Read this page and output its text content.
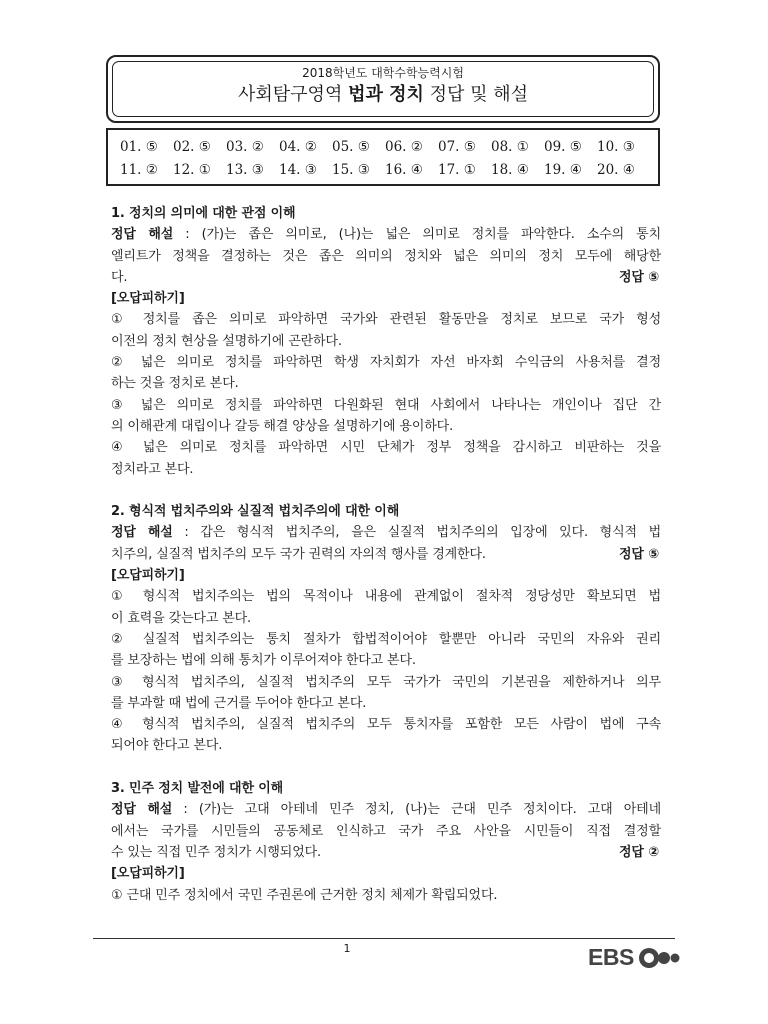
2018학년도 대학수학능력시험
사회탐구영역 법과 정치 정답 및 해설
01. ⑤	02. ⑤	03. ②	04. ②	05. ⑤	06. ②	07. ⑤	08. ①	09. ⑤	10. ③
11. ②	12. ①	13. ③	14. ③	15. ③	16. ④	17. ①	18. ④	19. ④	20. ④
1. 정치의 의미에 대한 관점 이해
정답 해설 : (가)는 좁은 의미로, (나)는 넓은 의미로 정치를 파악한다. 소수의 통치
엘리트가 정책을 결정하는 것은 좁은 의미의 정치와 넓은 의미의 정치 모두에 해당한
다.	정답 ⑤
[오답피하기]
① 정치를 좁은 의미로 파악하면 국가와 관련된 활동만을 정치로 보므로 국가 형성
이전의 정치 현상을 설명하기에 곤란하다.
② 넓은 의미로 정치를 파악하면 학생 자치회가 자선 바자회 수익금의 사용처를 결정
하는 것을 정치로 본다.
③ 넓은 의미로 정치를 파악하면 다원화된 현대 사회에서 나타나는 개인이나 집단 간
의 이해관계 대립이나 갈등 해결 양상을 설명하기에 용이하다.
④ 넓은 의미로 정치를 파악하면 시민 단체가 정부 정책을 감시하고 비판하는 것을
정치라고 본다.
2. 형식적 법치주의와 실질적 법치주의에 대한 이해
정답 해설 : 갑은 형식적 법치주의, 을은 실질적 법치주의의 입장에 있다. 형식적 법
치주의, 실질적 법치주의 모두 국가 권력의 자의적 행사를 경계한다.	정답 ⑤
[오답피하기]
① 형식적 법치주의는 법의 목적이나 내용에 관계없이 절차적 정당성만 확보되면 법
이 효력을 갖는다고 본다.
② 실질적 법치주의는 통치 절차가 합법적이어야 할뿐만 아니라 국민의 자유와 권리
를 보장하는 법에 의해 통치가 이루어져야 한다고 본다.
③ 형식적 법치주의, 실질적 법치주의 모두 국가가 국민의 기본권을 제한하거나 의무
를 부과할 때 법에 근거를 두어야 한다고 본다.
④ 형식적 법치주의, 실질적 법치주의 모두 통치자를 포함한 모든 사람이 법에 구속
되어야 한다고 본다.
3. 민주 정치 발전에 대한 이해
정답 해설 : (가)는 고대 아테네 민주 정치, (나)는 근대 민주 정치이다. 고대 아테네
에서는 국가를 시민들의 공동체로 인식하고 국가 주요 사안을 시민들이 직접 결정할
수 있는 직접 민주 정치가 시행되었다.	정답 ②
[오답피하기]
① 근대 민주 정치에서 국민 주권론에 근거한 정치 체제가 확립되었다.
1	EBS
